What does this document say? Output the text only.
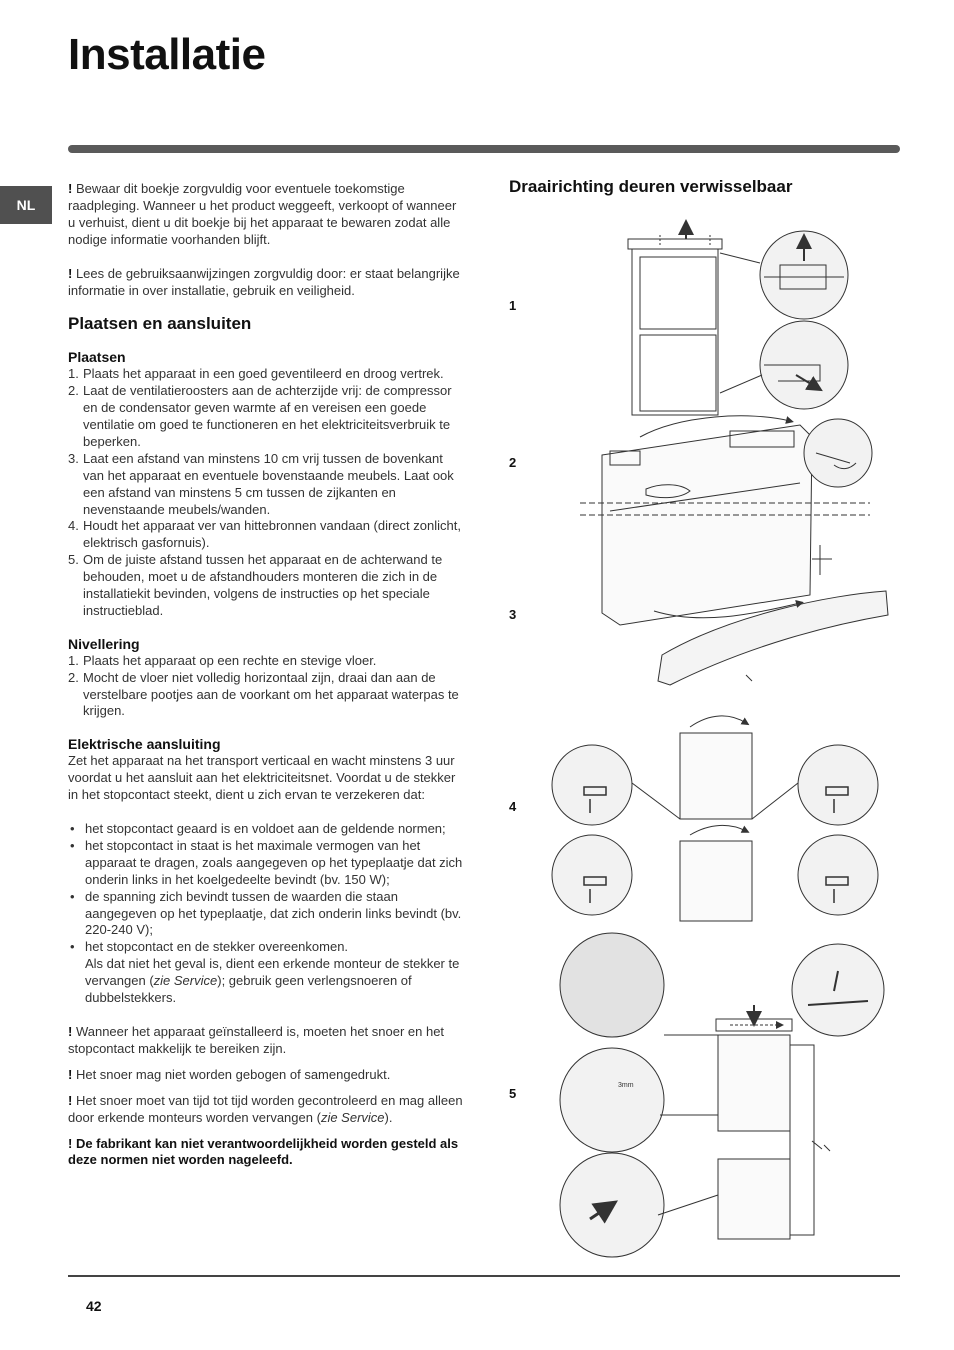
Installatie
NL

! Bewaar dit boekje zorgvuldig voor eventuele toekomstige raadpleging. Wanneer u het product weggeeft, verkoopt of wanneer u verhuist, dient u dit boekje bij het apparaat te bewaren zodat alle nodige informatie voorhanden blijft.

! Lees de gebruiksaanwijzingen zorgvuldig door: er staat belangrijke informatie in over installatie, gebruik en veiligheid.

Plaatsen en aansluiten
Plaatsen
1. Plaats het apparaat in een goed geventileerd en droog vertrek.
2. Laat de ventilatieroosters aan de achterzijde vrij: de compressor en de condensator geven warmte af en vereisen een goede ventilatie om goed te functioneren en het elektriciteitsverbruik te beperken.
3. Laat een afstand van minstens 10 cm vrij tussen de bovenkant van het apparaat en eventuele bovenstaande meubels. Laat ook een afstand van minstens 5 cm tussen de zijkanten en nevenstaande meubels/wanden.
4. Houdt het apparaat ver van hittebronnen vandaan (direct zonlicht, elektrisch gasfornuis).
5. Om de juiste afstand tussen het apparaat en de achterwand te behouden, moet u de afstandhouders monteren die zich in de installatiekit bevinden, volgens de instructies op het speciale instructieblad.
Nivellering
1. Plaats het apparaat op een rechte en stevige vloer.
2. Mocht de vloer niet volledig horizontaal zijn, draai dan aan de verstelbare pootjes aan de voorkant om het apparaat waterpas te krijgen.
Elektrische aansluiting

Zet het apparaat na het transport verticaal en wacht minstens 3 uur voordat u het aansluit aan het elektriciteitsnet. Voordat u de stekker in het stopcontact steekt, dient u zich ervan te verzekeren dat:

• het stopcontact geaard is en voldoet aan de geldende normen;
• het stopcontact in staat is het maximale vermogen van het apparaat te dragen, zoals aangegeven op het typeplaatje dat zich onderin links in het koelgedeelte bevindt (bv. 150 W);
• de spanning zich bevindt tussen de waarden die staan aangegeven op het typeplaatje, dat zich onderin links bevindt (bv. 220-240 V);
• het stopcontact en de stekker overeenkomen.
Als dat niet het geval is, dient een erkende monteur de stekker te vervangen (zie Service); gebruik geen verlengsnoeren of dubbelstekkers.

! Wanneer het apparaat geïnstalleerd is, moeten het snoer en het stopcontact makkelijk te bereiken zijn.

! Het snoer mag niet worden gebogen of samengedrukt.

! Het snoer moet van tijd tot tijd worden gecontroleerd en mag alleen door erkende monteurs worden vervangen (zie Service).

! De fabrikant kan niet verantwoordelijkheid worden gesteld als deze normen niet worden nageleefd.

Draairichting deuren verwisselbaar
1
2
3
4
5
3mm
42
